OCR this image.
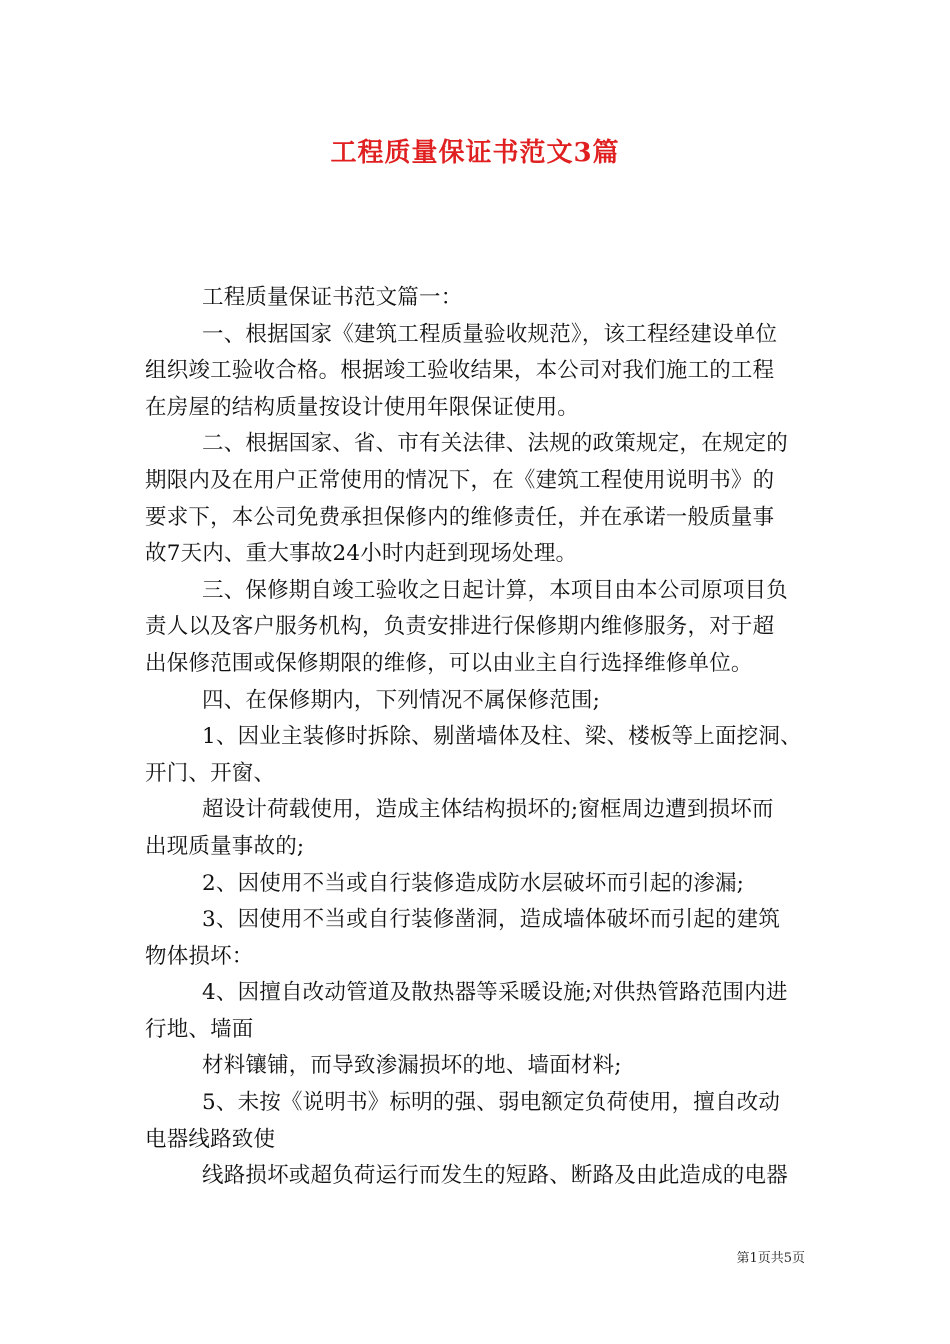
工程质量保证书范文3篇
工程质量保证书范文篇一：
一、根据国家《建筑工程质量验收规范》，该工程经建设单位
组织竣工验收合格。根据竣工验收结果，本公司对我们施工的工程
在房屋的结构质量按设计使用年限保证使用。
二、根据国家、省、市有关法律、法规的政策规定，在规定的
期限内及在用户正常使用的情况下，在《建筑工程使用说明书》的
要求下，本公司免费承担保修内的维修责任，并在承诺一般质量事
故7天内、重大事故24小时内赶到现场处理。
三、保修期自竣工验收之日起计算，本项目由本公司原项目负
责人以及客户服务机构，负责安排进行保修期内维修服务，对于超
出保修范围或保修期限的维修，可以由业主自行选择维修单位。
四、在保修期内，下列情况不属保修范围;
1、因业主装修时拆除、剔凿墙体及柱、梁、楼板等上面挖洞、
开门、开窗、
超设计荷载使用，造成主体结构损坏的;窗框周边遭到损坏而
出现质量事故的;
2、因使用不当或自行装修造成防水层破坏而引起的渗漏;
3、因使用不当或自行装修凿洞，造成墙体破坏而引起的建筑
物体损坏：
4、因擅自改动管道及散热器等采暖设施;对供热管路范围内进
行地、墙面
材料镶铺，而导致渗漏损坏的地、墙面材料;
5、未按《说明书》标明的强、弱电额定负荷使用，擅自改动
电器线路致使
线路损坏或超负荷运行而发生的短路、断路及由此造成的电器
第1页共5页
